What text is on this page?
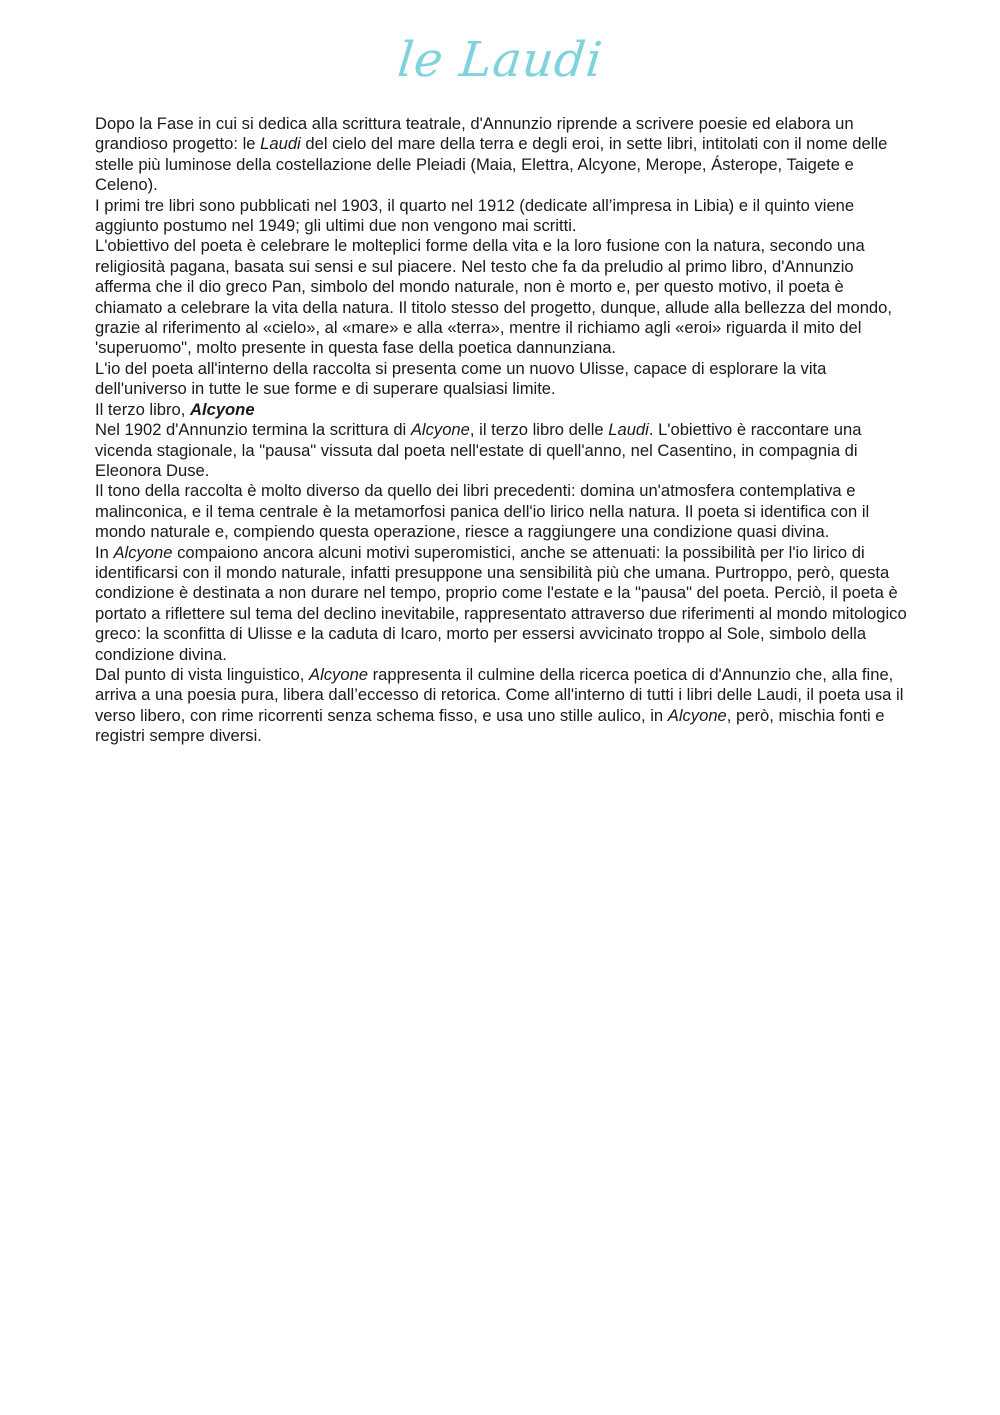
le Laudi

Dopo la Fase in cui si dedica alla scrittura teatrale, d'Annunzio riprende a scrivere poesie ed elabora un grandioso progetto: le Laudi del cielo del mare della terra e degli eroi, in sette libri, intitolati con il nome delle stelle più luminose della costellazione delle Pleiadi (Maia, Elettra, Alcyone, Merope, Ásterope, Taigete e Celeno).

I primi tre libri sono pubblicati nel 1903, il quarto nel 1912 (dedicate all’impresa in Libia) e il quinto viene aggiunto postumo nel 1949; gli ultimi due non vengono mai scritti.

L'obiettivo del poeta è celebrare le molteplici forme della vita e la loro fusione con la natura, secondo una religiosità pagana, basata sui sensi e sul piacere. Nel testo che fa da preludio al primo libro, d'Annunzio afferma che il dio greco Pan, simbolo del mondo naturale, non è morto e, per questo motivo, il poeta è chiamato a celebrare la vita della natura. Il titolo stesso del progetto, dunque, allude alla bellezza del mondo, grazie al riferimento al «cielo», al «mare» e alla «terra», mentre il richiamo agli «eroi» riguarda il mito del 'superuomo", molto presente in questa fase della poetica dannunziana.

L'io del poeta all'interno della raccolta si presenta come un nuovo Ulisse, capace di esplorare la vita dell'universo in tutte le sue forme e di superare qualsiasi limite.

Il terzo libro, Alcyone

Nel 1902 d'Annunzio termina la scrittura di Alcyone, il terzo libro delle Laudi. L'obiettivo è raccontare una vicenda stagionale, la "pausa" vissuta dal poeta nell'estate di quell'anno, nel Casentino, in compagnia di Eleonora Duse.

Il tono della raccolta è molto diverso da quello dei libri precedenti: domina un'atmosfera contemplativa e malinconica, e il tema centrale è la metamorfosi panica dell'io lirico nella natura. Il poeta si identifica con il mondo naturale e, compiendo questa operazione, riesce a raggiungere una condizione quasi divina.

In Alcyone compaiono ancora alcuni motivi superomistici, anche se attenuati: la possibilità per l'io lirico di identificarsi con il mondo naturale, infatti presuppone una sensibilità più che umana. Purtroppo, però, questa condizione è destinata a non durare nel tempo, proprio come l'estate e la "pausa" del poeta. Perciò, il poeta è portato a riflettere sul tema del declino inevitabile, rappresentato attraverso due riferimenti al mondo mitologico greco: la sconfitta di Ulisse e la caduta di Icaro, morto per essersi avvicinato troppo al Sole, simbolo della condizione divina.

Dal punto di vista linguistico, Alcyone rappresenta il culmine della ricerca poetica di d'Annunzio che, alla fine, arriva a una poesia pura, libera dall’eccesso di retorica. Come all'interno di tutti i libri delle Laudi, il poeta usa il verso libero, con rime ricorrenti senza schema fisso, e usa uno stille aulico, in Alcyone, però, mischia fonti e registri sempre diversi.
